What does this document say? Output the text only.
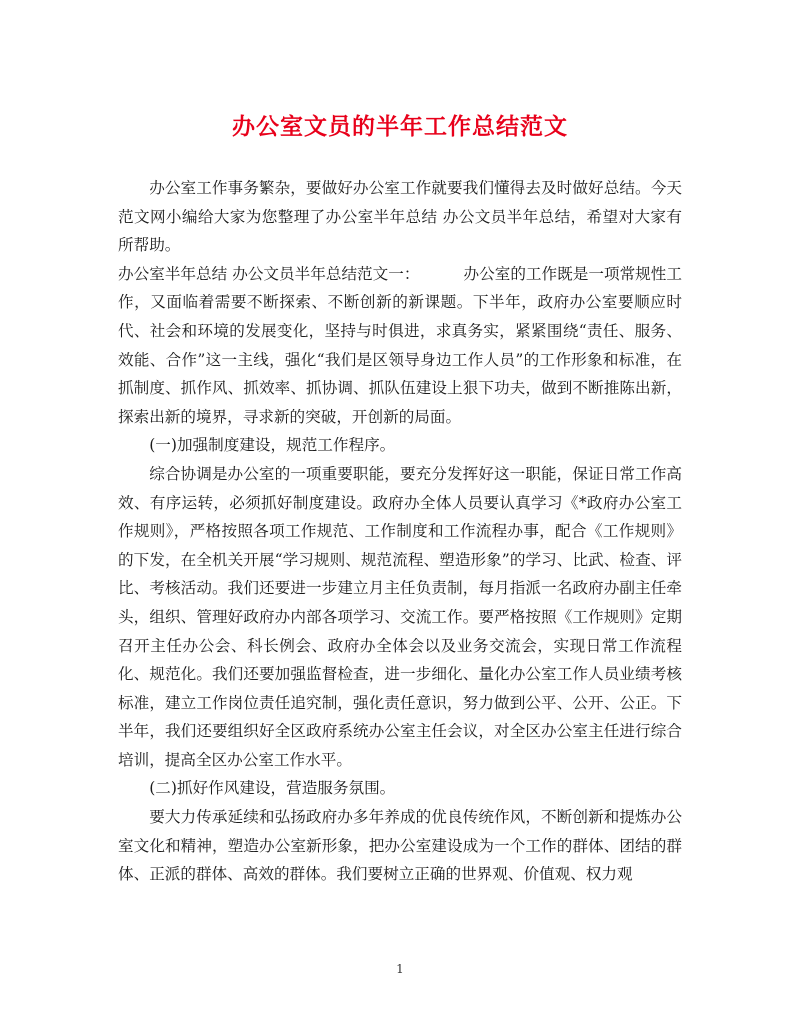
办公室文员的半年工作总结范文

办公室工作事务繁杂，要做好办公室工作就要我们懂得去及时做好总结。今天范文网小编给大家为您整理了办公室半年总结 办公文员半年总结，希望对大家有所帮助。

办公室半年总结 办公文员半年总结范文一：	办公室的工作既是一项常规性工作，又面临着需要不断探索、不断创新的新课题。下半年，政府办公室要顺应时代、社会和环境的发展变化，坚持与时俱进，求真务实，紧紧围绕“责任、服务、效能、合作”这一主线，强化“我们是区领导身边工作人员”的工作形象和标准，在抓制度、抓作风、抓效率、抓协调、抓队伍建设上狠下功夫，做到不断推陈出新，探索出新的境界，寻求新的突破，开创新的局面。

(一)加强制度建设，规范工作程序。

综合协调是办公室的一项重要职能，要充分发挥好这一职能，保证日常工作高效、有序运转，必须抓好制度建设。政府办全体人员要认真学习《*政府办公室工作规则》，严格按照各项工作规范、工作制度和工作流程办事，配合《工作规则》的下发，在全机关开展“学习规则、规范流程、塑造形象”的学习、比武、检查、评比、考核活动。我们还要进一步建立月主任负责制，每月指派一名政府办副主任牵头，组织、管理好政府办内部各项学习、交流工作。要严格按照《工作规则》定期召开主任办公会、科长例会、政府办全体会以及业务交流会，实现日常工作流程化、规范化。我们还要加强监督检查，进一步细化、量化办公室工作人员业绩考核标准，建立工作岗位责任追究制，强化责任意识，努力做到公平、公开、公正。下半年，我们还要组织好全区政府系统办公室主任会议，对全区办公室主任进行综合培训，提高全区办公室工作水平。

(二)抓好作风建设，营造服务氛围。

要大力传承延续和弘扬政府办多年养成的优良传统作风，不断创新和提炼办公室文化和精神，塑造办公室新形象，把办公室建设成为一个工作的群体、团结的群体、正派的群体、高效的群体。我们要树立正确的世界观、价值观、权力观

1
